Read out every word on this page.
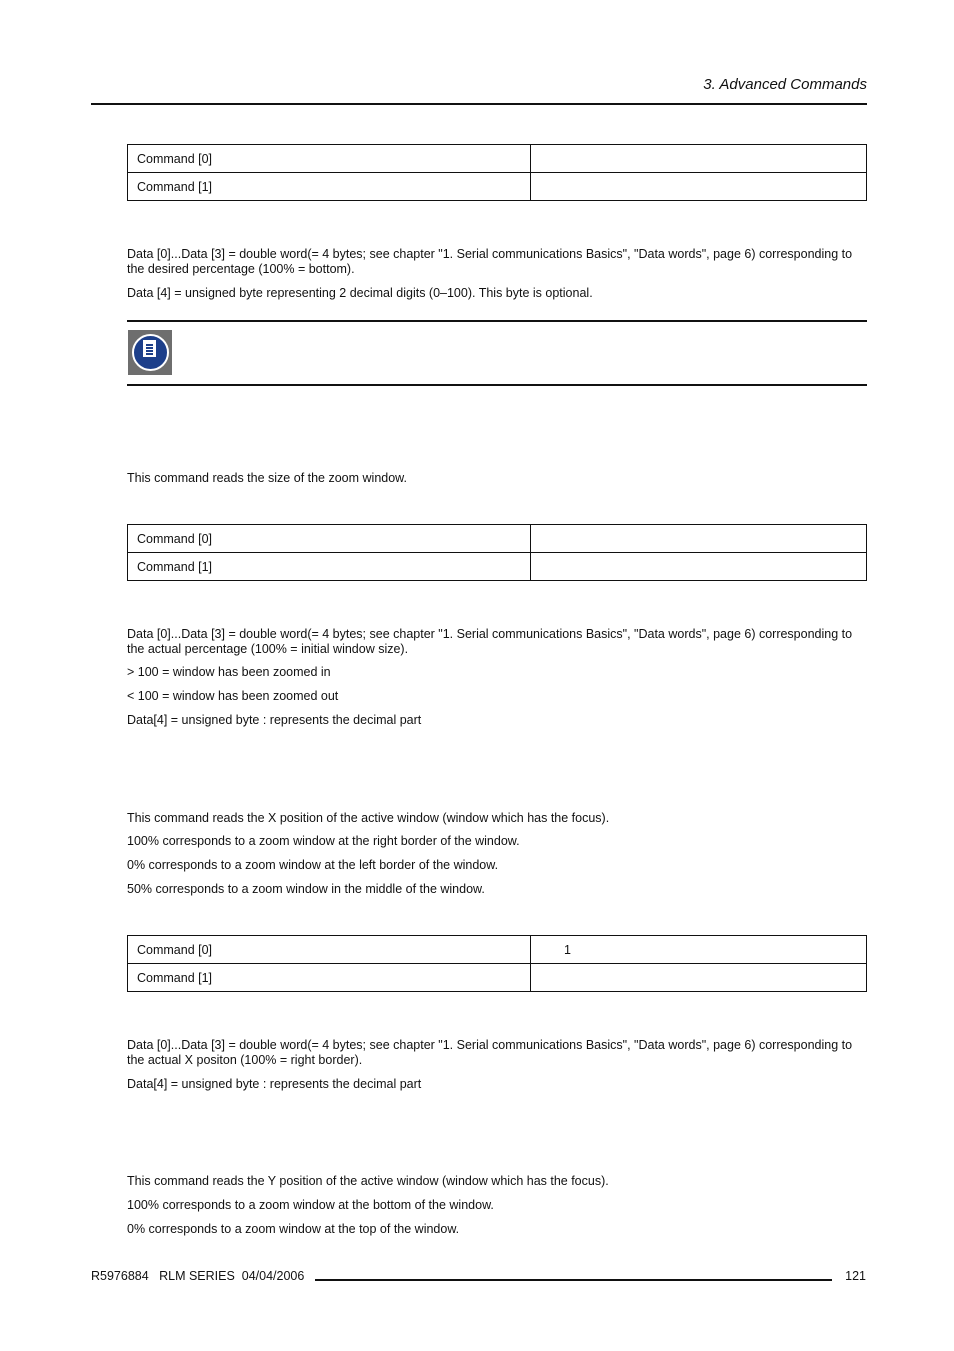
3. Advanced Commands
Command [0]	
Command [1]	
Data [0]...Data [3] = double word(= 4 bytes; see chapter "1. Serial communications Basics", "Data words", page 6) corresponding to the desired percentage (100% = bottom).
Data [4] = unsigned byte representing 2 decimal digits (0–100). This byte is optional.
This command reads the size of the zoom window.
Command [0]	
Command [1]	
Data [0]...Data [3] = double word(= 4 bytes; see chapter "1. Serial communications Basics", "Data words", page 6) corresponding to the actual percentage (100% = initial window size).
> 100 = window has been zoomed in
< 100 = window has been zoomed out
Data[4] = unsigned byte : represents the decimal part
This command reads the X position of the active window (window which has the focus).
100% corresponds to a zoom window at the right border of the window.
0% corresponds to a zoom window at the left border of the window.
50% corresponds to a zoom window in the middle of the window.
Command [0]	1
Command [1]	
Data [0]...Data [3] = double word(= 4 bytes; see chapter "1. Serial communications Basics", "Data words", page 6) corresponding to the actual X positon (100% = right border).
Data[4] = unsigned byte : represents the decimal part
This command reads the Y position of the active window (window which has the focus).
100% corresponds to a zoom window at the bottom of the window.
0% corresponds to a zoom window at the top of the window.
R5976884   RLM SERIES  04/04/2006	121
